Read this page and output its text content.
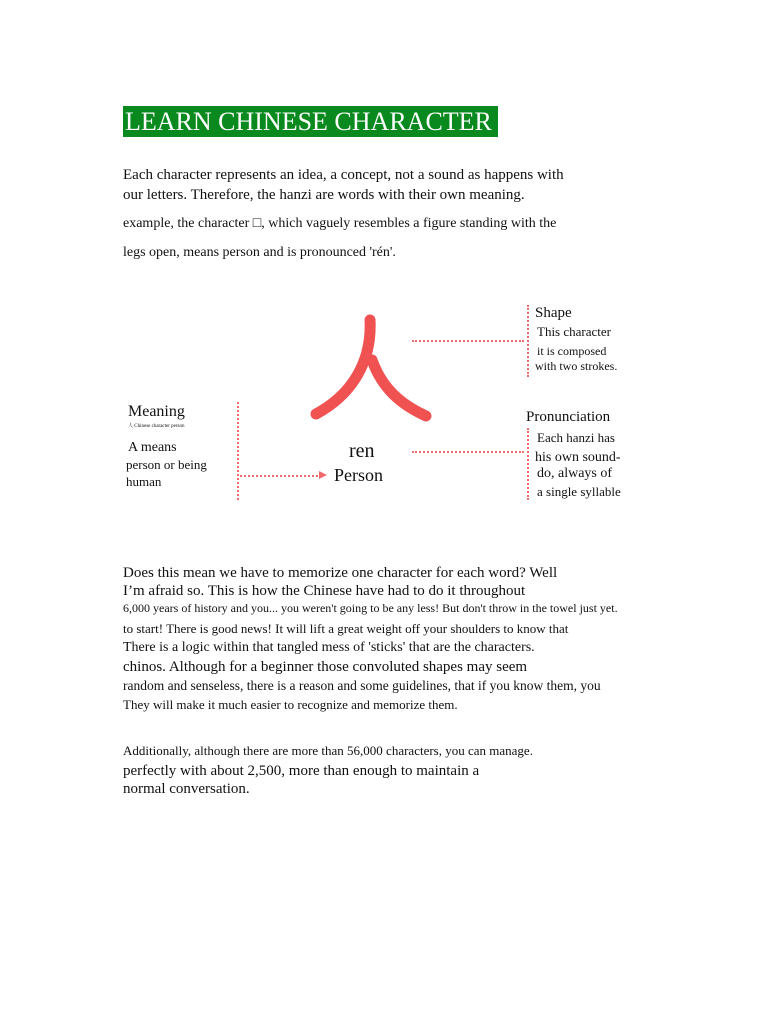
LEARN CHINESE CHARACTER
Each character represents an idea, a concept, not a sound as happens with
our letters. Therefore, the hanzi are words with their own meaning.
example, the character □, which vaguely resembles a figure standing with the
legs open, means person and is pronounced 'rén'.
Shape
This character
it is composed
with two strokes.
Pronunciation
Each hanzi has
his own sound-
do, always of
a single syllable
Meaning
人 Chinese character person
A means
person or being
human
ren
Person
Does this mean we have to memorize one character for each word? Well
I’m afraid so. This is how the Chinese have had to do it throughout
6,000 years of history and you... you weren't going to be any less! But don't throw in the towel just yet.
to start! There is good news! It will lift a great weight off your shoulders to know that
There is a logic within that tangled mess of 'sticks' that are the characters.
chinos. Although for a beginner those convoluted shapes may seem
random and senseless, there is a reason and some guidelines, that if you know them, you
They will make it much easier to recognize and memorize them.
Additionally, although there are more than 56,000 characters, you can manage.
perfectly with about 2,500, more than enough to maintain a
normal conversation.
